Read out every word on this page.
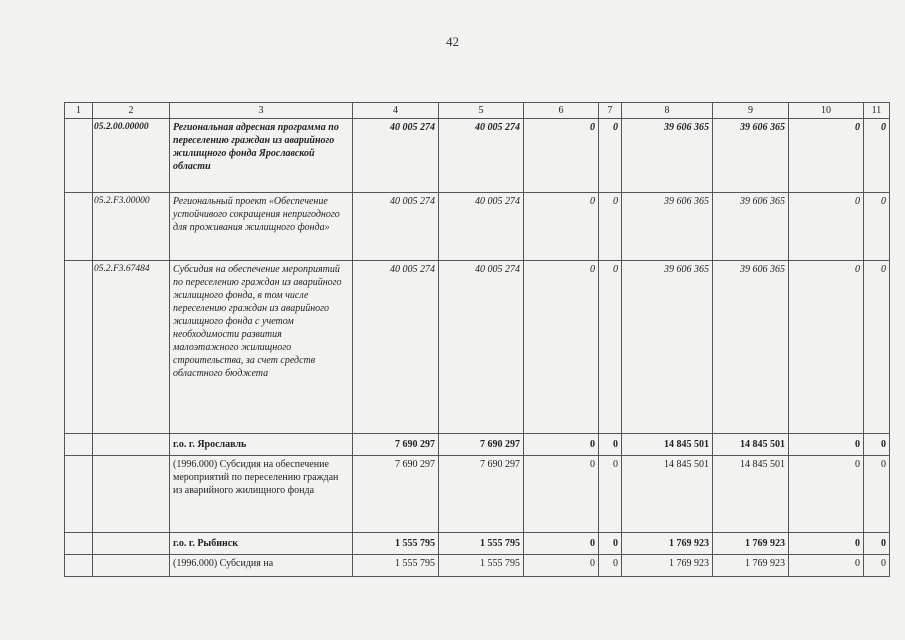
42
1	2	3	4	5	6	7	8	9	10	11
	05.2.00.00000	Региональная адресная программа по переселению граждан из аварийного жилищного фонда Ярославской области	40 005 274	40 005 274	0	0	39 606 365	39 606 365	0	0
	05.2.F3.00000	Региональный проект «Обеспечение устойчивого сокращения непригодного для проживания жилищного фонда»	40 005 274	40 005 274	0	0	39 606 365	39 606 365	0	0
	05.2.F3.67484	Субсидия на обеспечение мероприятий по переселению граждан из аварийного жилищного фонда, в том числе переселению граждан из аварийного жилищного фонда с учетом необходимости развития малоэтажного жилищного строительства, за счет средств областного бюджета	40 005 274	40 005 274	0	0	39 606 365	39 606 365	0	0
		г.о. г. Ярославль	7 690 297	7 690 297	0	0	14 845 501	14 845 501	0	0
		(1996.000) Субсидия на обеспечение мероприятий по переселению граждан из аварийного жилищного фонда	7 690 297	7 690 297	0	0	14 845 501	14 845 501	0	0
		г.о. г. Рыбинск	1 555 795	1 555 795	0	0	1 769 923	1 769 923	0	0
		(1996.000) Субсидия на	1 555 795	1 555 795	0	0	1 769 923	1 769 923	0	0
